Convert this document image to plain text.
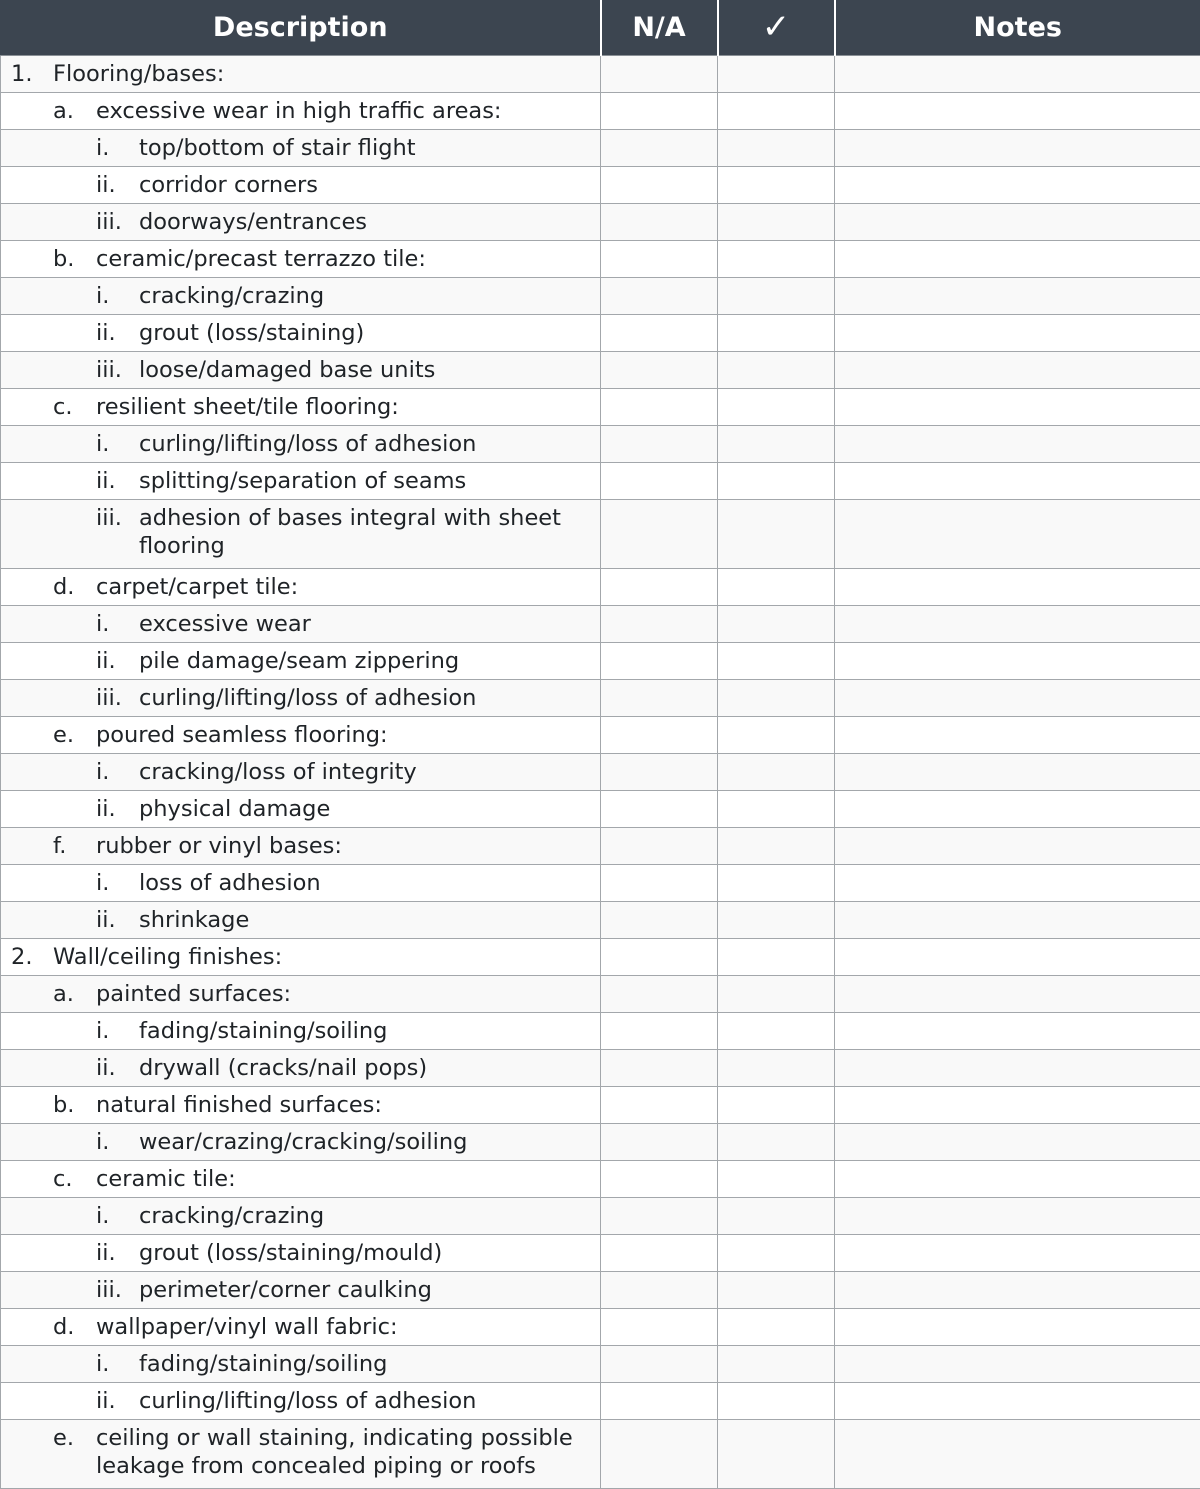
Description	N/A	✓	Notes

1. Flooring/bases:			

a. excessive wear in high traffic areas:			

i. top/bottom of stair flight			

ii. corridor corners			

iii. doorways/entrances			

b. ceramic/precast terrazzo tile:			

i. cracking/crazing			

ii. grout (loss/staining)			

iii. loose/damaged base units			

c. resilient sheet/tile flooring:			

i. curling/lifting/loss of adhesion			

ii. splitting/separation of seams			

iii. adhesion of bases integral with sheet flooring			

d. carpet/carpet tile:			

i. excessive wear			

ii. pile damage/seam zippering			

iii. curling/lifting/loss of adhesion			

e. poured seamless flooring:			

i. cracking/loss of integrity			

ii. physical damage			

f. rubber or vinyl bases:			

i. loss of adhesion			

ii. shrinkage			

2. Wall/ceiling finishes:			

a. painted surfaces:			

i. fading/staining/soiling			

ii. drywall (cracks/nail pops)			

b. natural finished surfaces:			

i. wear/crazing/cracking/soiling			

c. ceramic tile:			

i. cracking/crazing			

ii. grout (loss/staining/mould)			

iii. perimeter/corner caulking			

d. wallpaper/vinyl wall fabric:			

i. fading/staining/soiling			

ii. curling/lifting/loss of adhesion			

e. ceiling or wall staining, indicating possible leakage from concealed piping or roofs			
